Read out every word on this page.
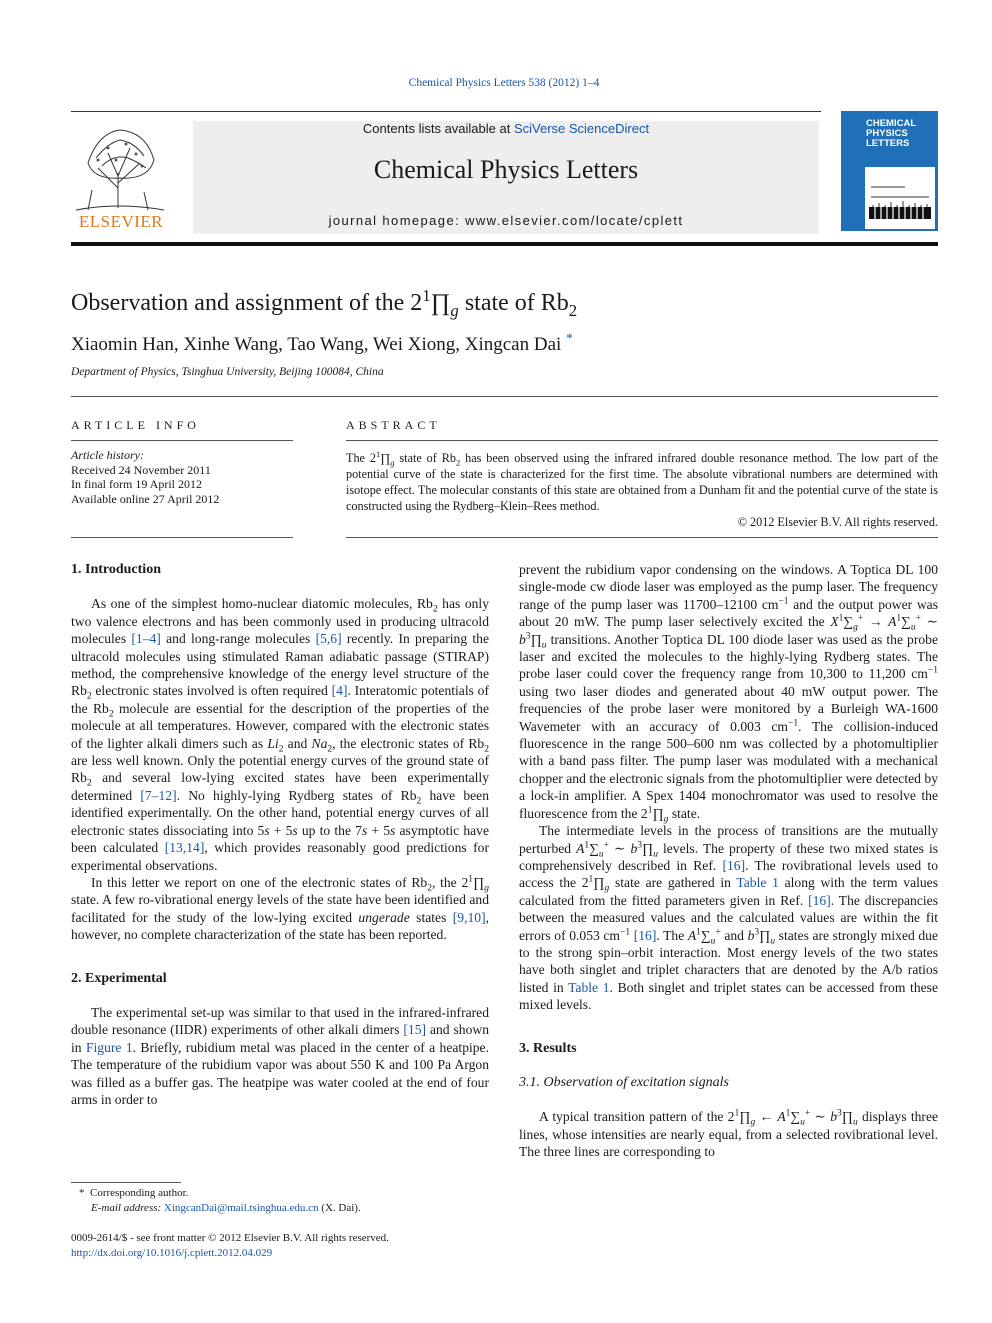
Chemical Physics Letters 538 (2012) 1–4
ELSEVIER
Contents lists available at SciVerse ScienceDirect
Chemical Physics Letters
journal homepage: www.elsevier.com/locate/cplett
CHEMICAL
PHYSICS
LETTERS
Observation and assignment of the $2^1\prod_g$ state of $Rb_2$
Xiaomin Han, Xinhe Wang, Tao Wang, Wei Xiong, Xingcan Dai *
Department of Physics, Tsinghua University, Beijing 100084, China
ARTICLE INFO
Article history:
Received 24 November 2011
In final form 19 April 2012
Available online 27 April 2012
ABSTRACT
The $2^1\prod_g$ state of $Rb_2$ has been observed using the infrared infrared double resonance method. The low part of the potential curve of the state is characterized for the first time. The absolute vibrational numbers are determined with isotope effect. The molecular constants of this state are obtained from a Dunham fit and the potential curve of the state is constructed using the Rydberg–Klein–Rees method.
© 2012 Elsevier B.V. All rights reserved.
1. Introduction

As one of the simplest homo-nuclear diatomic molecules, $Rb_2$ has only two valence electrons and has been commonly used in producing ultracold molecules [1–4] and long-range molecules [5,6] recently. In preparing the ultracold molecules using stimulated Raman adiabatic passage (STIRAP) method, the comprehensive knowledge of the energy level structure of the $Rb_2$ electronic states involved is often required [4]. Interatomic potentials of the $Rb_2$ molecule are essential for the description of the properties of the molecule at all temperatures. However, compared with the electronic states of the lighter alkali dimers such as $Li_2$ and $Na_2$, the electronic states of $Rb_2$ are less well known. Only the potential energy curves of the ground state of $Rb_2$ and several low-lying excited states have been experimentally determined [7–12]. No highly-lying Rydberg states of $Rb_2$ have been identified experimentally. On the other hand, potential energy curves of all electronic states dissociating into 5s + 5s up to the 7s + 5s asymptotic have been calculated [13,14], which provides reasonably good predictions for experimental observations.

In this letter we report on one of the electronic states of $Rb_2$, the $2^1\prod_g$ state. A few ro-vibrational energy levels of the state have been identified and facilitated for the study of the low-lying excited ungerade states [9,10], however, no complete characterization of the state has been reported.

2. Experimental

The experimental set-up was similar to that used in the infrared-infrared double resonance (IIDR) experiments of other alkali dimers [15] and shown in Figure 1. Briefly, rubidium metal was placed in the center of a heatpipe. The temperature of the rubidium vapor was about 550 K and 100 Pa Argon was filled as a buffer gas. The heatpipe was water cooled at the end of four arms in order to

* Corresponding author.
E-mail address: XingcanDai@mail.tsinghua.edu.cn (X. Dai).
0009-2614/$ - see front matter © 2012 Elsevier B.V. All rights reserved.
http://dx.doi.org/10.1016/j.cplett.2012.04.029

prevent the rubidium vapor condensing on the windows. A Toptica DL 100 single-mode cw diode laser was employed as the pump laser. The frequency range of the pump laser was 11700–12100 $cm^{-1}$ and the output power was about 20 mW. The pump laser selectively excited the $X^1\sum_g^+ \to A^1\sum_u^+$ ∼ $b^3\prod_u$ transitions. Another Toptica DL 100 diode laser was used as the probe laser and excited the molecules to the highly-lying Rydberg states. The probe laser could cover the frequency range from 10,300 to 11,200 $cm^{-1}$ using two laser diodes and generated about 40 mW output power. The frequencies of the probe laser were monitored by a Burleigh WA-1600 Wavemeter with an accuracy of 0.003 $cm^{-1}$. The collision-induced fluorescence in the range 500–600 nm was collected by a photomultiplier with a band pass filter. The pump laser was modulated with a mechanical chopper and the electronic signals from the photomultiplier were detected by a lock-in amplifier. A Spex 1404 monochromator was used to resolve the fluorescence from the $2^1\prod_g$ state.

The intermediate levels in the process of transitions are the mutually perturbed $A^1\sum_u^+$ ∼ $b^3\prod_u$ levels. The property of these two mixed states is comprehensively described in Ref. [16]. The rovibrational levels used to access the $2^1\prod_g$ state are gathered in Table 1 along with the term values calculated from the fitted parameters given in Ref. [16]. The discrepancies between the measured values and the calculated values are within the fit errors of 0.053 $cm^{-1}$ [16]. The $A^1\sum_u^+$ and $b^3\prod_u$ states are strongly mixed due to the strong spin–orbit interaction. Most energy levels of the two states have both singlet and triplet characters that are denoted by the A/b ratios listed in Table 1. Both singlet and triplet states can be accessed from these mixed levels.

3. Results
3.1. Observation of excitation signals

A typical transition pattern of the $2^1\prod_g$ ← $A^1\sum_u^+$ ∼ $b^3\prod_u$ displays three lines, whose intensities are nearly equal, from a selected rovibrational level. The three lines are corresponding to
